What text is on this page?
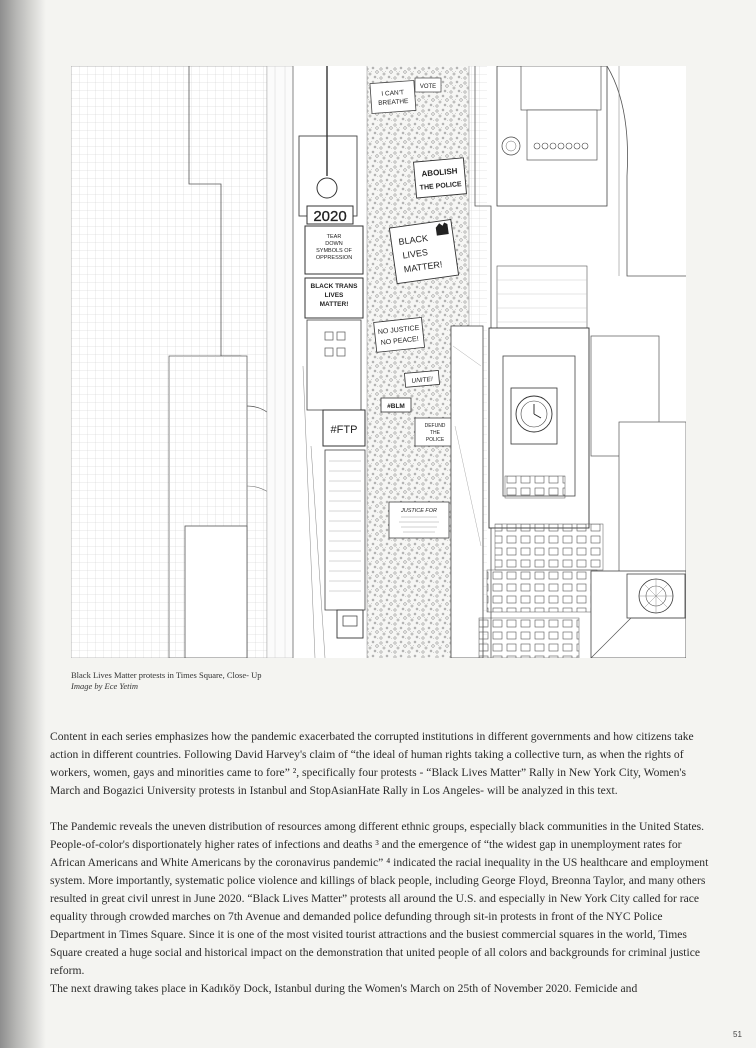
2020
TEAR
DOWN
SYMBOLS OF
OPPRESSION
BLACK TRANS
LIVES
MATTER!
#FTP
I CAN'T
BREATHE
VOTE
ABOLISH
THE POLICE
BLACK
LIVES
MATTER!
NO JUSTICE
NO PEACE!
UNITE!
#BLM
DEFUND
THE
POLICE
JUSTICE FOR
Black Lives Matter protests in Times Square, Close- Up
Image by Ece Yetim

Content in each series emphasizes how the pandemic exacerbated the corrupted institutions in different governments and how citizens take action in different countries. Following David Harvey's claim of “the ideal of human rights taking a collective turn, as when the rights of workers, women, gays and minorities came to fore” ², specifically four protests - “Black Lives Matter” Rally in New York City, Women's March and Bogazici University protests in Istanbul and StopAsianHate Rally in Los Angeles- will be analyzed in this text.

The Pandemic reveals the uneven distribution of resources among different ethnic groups, especially black communities in the United States. People-of-color's disportionately higher rates of infections and deaths ³ and the emergence of “the widest gap in unemployment rates for African Americans and White Americans by the coronavirus pandemic” ⁴ indicated the racial inequality in the US healthcare and employment system. More importantly, systematic police violence and killings of black people, including George Floyd, Breonna Taylor, and many others resulted in great civil unrest in June 2020. “Black Lives Matter” protests all around the U.S. and especially in New York City called for race equality through crowded marches on 7th Avenue and demanded police defunding through sit-in protests in front of the NYC Police Department in Times Square. Since it is one of the most visited tourist attractions and the busiest commercial squares in the world, Times Square created a huge social and historical impact on the demonstration that united people of all colors and backgrounds for criminal justice reform.

The next drawing takes place in Kadıköy Dock, Istanbul during the Women's March on 25th of November 2020. Femicide and

51
